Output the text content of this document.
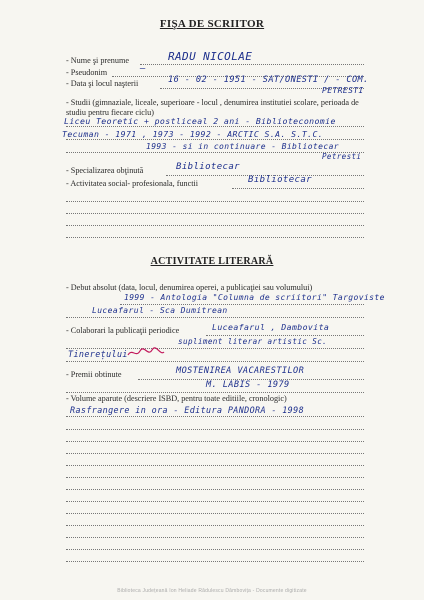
FIŞA DE SCRIITOR
- Nume şi prenume	RADU NICOLAE
- Pseudonim	—
- Data şi locul naşterii	16 - 02 - 1951 - SAT/ONESTI / - COM.
PETRESTI
- Studii (gimnaziale, liceale, superioare - locul , denumirea institutiei scolare, perioada de studiu pentru fiecare ciclu)
Liceu Teoretic + postliceal 2 ani - Biblioteconomie
Tecuman - 1971 , 1973 - 1992 - ARCTIC S.A. S.T.C.
1993 - si in continuare - Bibliotecar
Petresti
- Specializarea obţinută	Bibliotecar
- Activitatea social- profesionala, functii	Bibliotecar
ACTIVITATE LITERARĂ
- Debut absolut (data, locul, denumirea operei, a publicaţiei sau volumului)
1999 - Antologia "Columna de scriitori" Targoviste
Luceafarul - Sca Dumitrean
- Colaborari la publicaţii periodice	Luceafarul , Dambovita
supliment literar artistic Sc.
Tinerețului
- Premii obtinute	MOSTENIREA VACARESTILOR
M. LABIS - 1979
- Volume aparute (descriere ISBD, pentru toate editiile, cronologic)
Rasfrangere in ora - Editura PANDORA - 1998
Biblioteca Județeană Ion Heliade Rădulescu Dâmbovița - Documente digitizate
